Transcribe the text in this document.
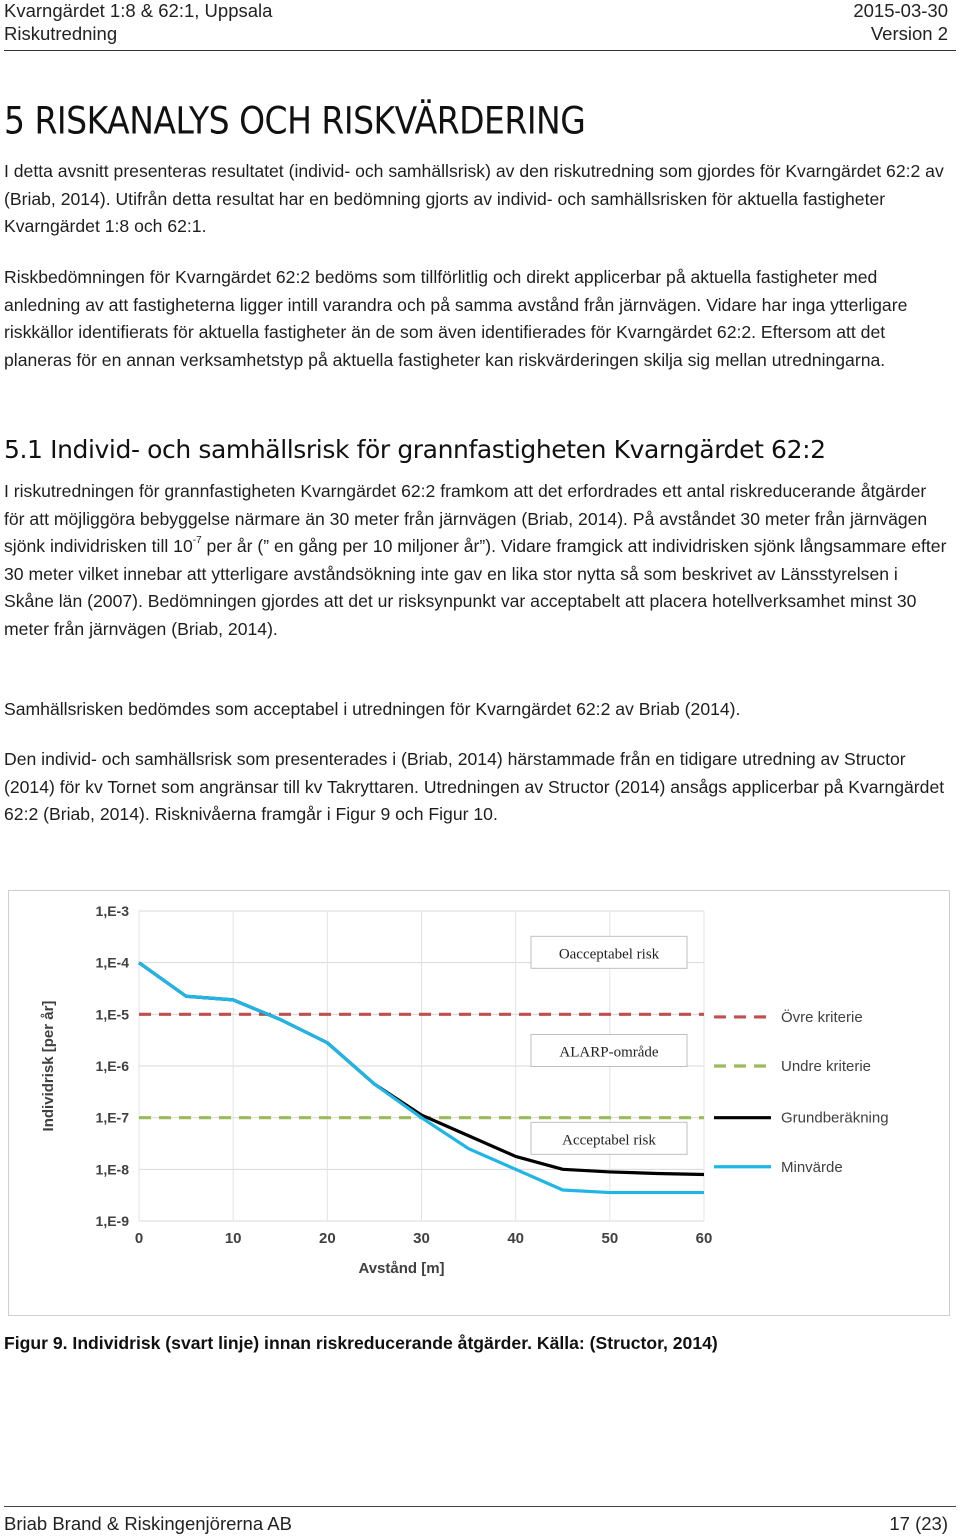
Kvarngärdet 1:8 & 62:1, Uppsala	2015-03-30
Riskutredning	Version 2
5 RISKANALYS OCH RISKVÄRDERING

I detta avsnitt presenteras resultatet (individ- och samhällsrisk) av den riskutredning som gjordes för Kvarngärdet 62:2 av (Briab, 2014). Utifrån detta resultat har en bedömning gjorts av individ- och samhällsrisken för aktuella fastigheter Kvarngärdet 1:8 och 62:1.

Riskbedömningen för Kvarngärdet 62:2 bedöms som tillförlitlig och direkt applicerbar på aktuella fastigheter med anledning av att fastigheterna ligger intill varandra och på samma avstånd från järnvägen. Vidare har inga ytterligare riskkällor identifierats för aktuella fastigheter än de som även identifierades för Kvarngärdet 62:2. Eftersom att det planeras för en annan verksamhetstyp på aktuella fastigheter kan riskvärderingen skilja sig mellan utredningarna.

5.1 Individ- och samhällsrisk för grannfastigheten Kvarngärdet 62:2

I riskutredningen för grannfastigheten Kvarngärdet 62:2 framkom att det erfordrades ett antal riskreducerande åtgärder för att möjliggöra bebyggelse närmare än 30 meter från järnvägen (Briab, 2014). På avståndet 30 meter från järnvägen sjönk individrisken till $10^{-7}$ per år (” en gång per 10 miljoner år”). Vidare framgick att individrisken sjönk långsammare efter 30 meter vilket innebar att ytterligare avståndsökning inte gav en lika stor nytta så som beskrivet av Länsstyrelsen i Skåne län (2007). Bedömningen gjordes att det ur risksynpunkt var acceptabelt att placera hotellverksamhet minst 30 meter från järnvägen (Briab, 2014).

Samhällsrisken bedömdes som acceptabel i utredningen för Kvarngärdet 62:2 av Briab (2014).

Den individ- och samhällsrisk som presenterades i (Briab, 2014) härstammade från en tidigare utredning av Structor (2014) för kv Tornet som angränsar till kv Takryttaren. Utredningen av Structor (2014) ansågs applicerbar på Kvarngärdet 62:2 (Briab, 2014). Risknivåerna framgår i Figur 9 och Figur 10.

1,E-3
1,E-4
1,E-5
1,E-6
1,E-7
1,E-8
1,E-9
0	10	20	30	40	50	60
Avstånd [m]
Individrisk [per år]
Oacceptabel risk
ALARP-område
Acceptabel risk
Övre kriterie
Undre kriterie
Grundberäkning
Minvärde

Figur 9. Individrisk (svart linje) innan riskreducerande åtgärder. Källa: (Structor, 2014)

Briab Brand & Riskingenjörerna AB	17 (23)
